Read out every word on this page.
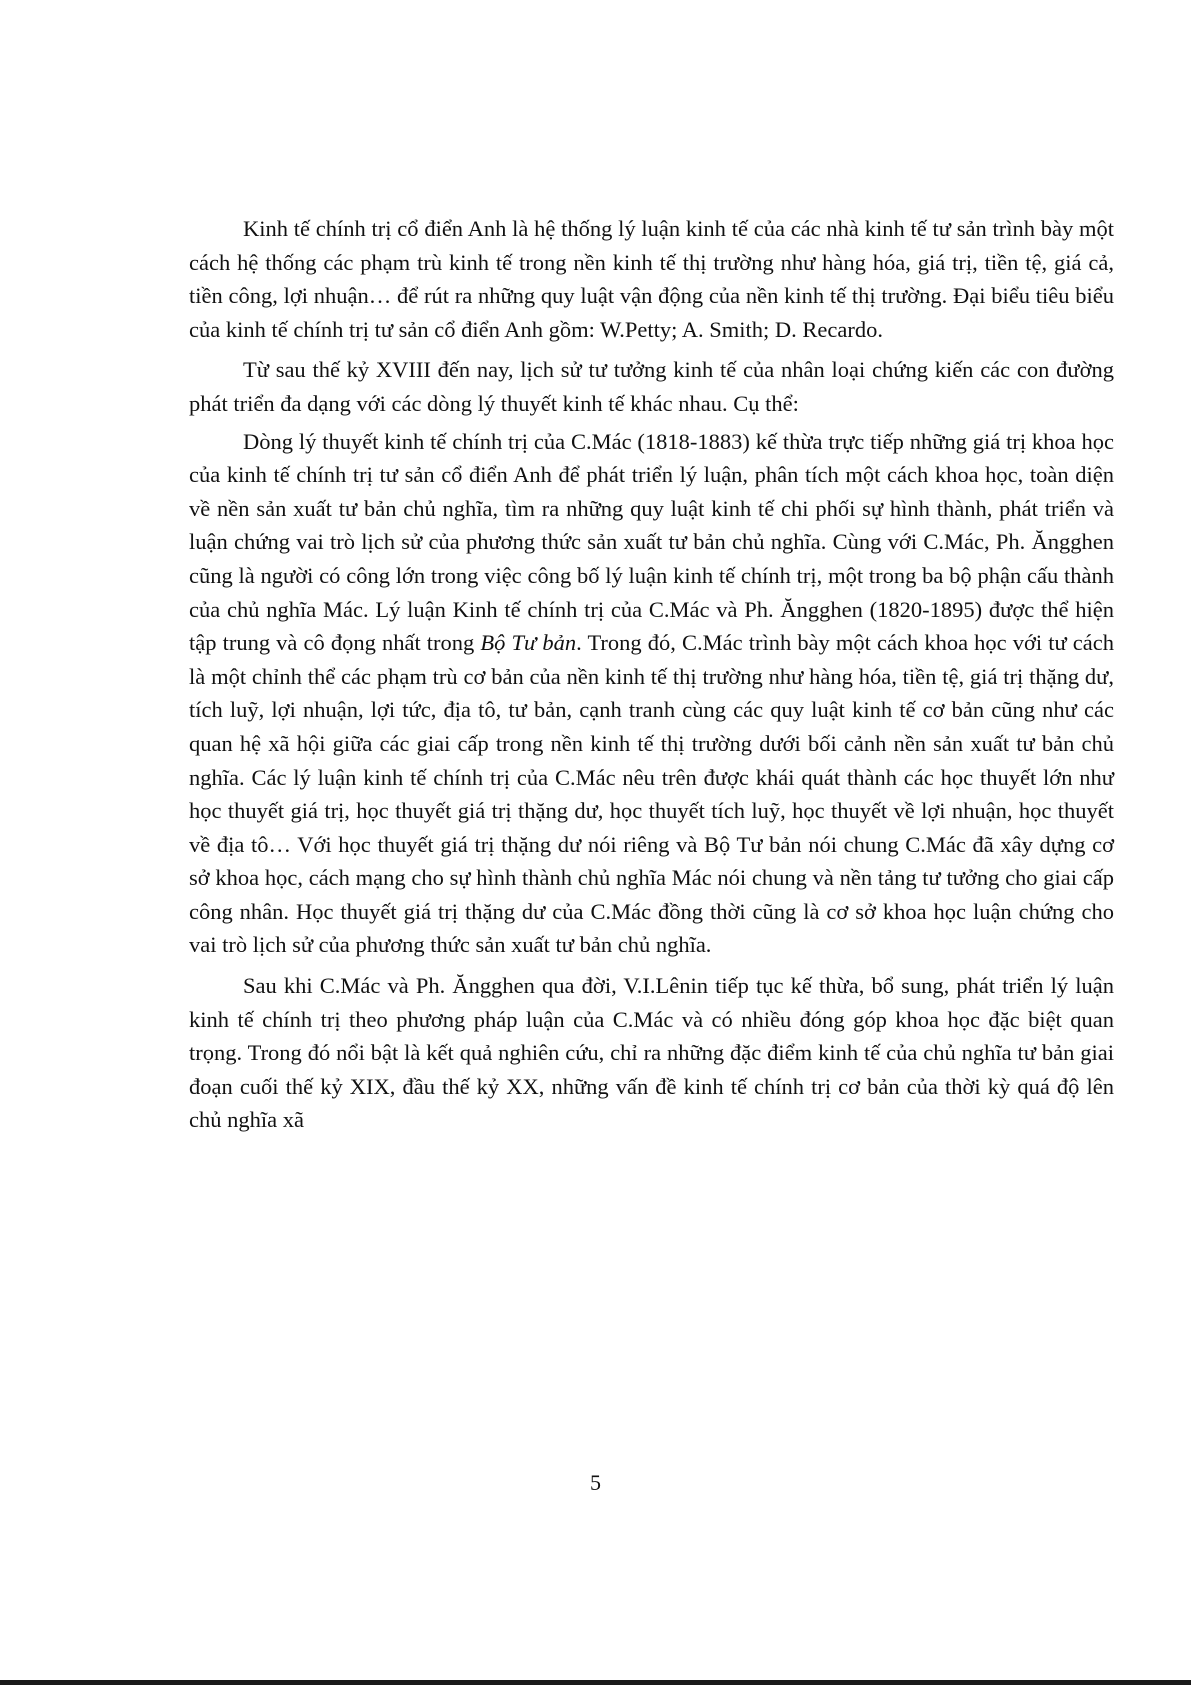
Kinh tế chính trị cổ điển Anh là hệ thống lý luận kinh tế của các nhà kinh tế tư sản trình bày một cách hệ thống các phạm trù kinh tế trong nền kinh tế thị trường như hàng hóa, giá trị, tiền tệ, giá cả, tiền công, lợi nhuận… để rút ra những quy luật vận động của nền kinh tế thị trường. Đại biểu tiêu biểu của kinh tế chính trị tư sản cổ điển Anh gồm: W.Petty; A. Smith; D. Recardo.

Từ sau thế kỷ XVIII đến nay, lịch sử tư tưởng kinh tế của nhân loại chứng kiến các con đường phát triển đa dạng với các dòng lý thuyết kinh tế khác nhau. Cụ thể:

Dòng lý thuyết kinh tế chính trị của C.Mác (1818-1883) kế thừa trực tiếp những giá trị khoa học của kinh tế chính trị tư sản cổ điển Anh để phát triển lý luận, phân tích một cách khoa học, toàn diện về nền sản xuất tư bản chủ nghĩa, tìm ra những quy luật kinh tế chi phối sự hình thành, phát triển và luận chứng vai trò lịch sử của phương thức sản xuất tư bản chủ nghĩa. Cùng với C.Mác, Ph. Ăngghen cũng là người có công lớn trong việc công bố lý luận kinh tế chính trị, một trong ba bộ phận cấu thành của chủ nghĩa Mác. Lý luận Kinh tế chính trị của C.Mác và Ph. Ăngghen (1820-1895) được thể hiện tập trung và cô đọng nhất trong Bộ Tư bản. Trong đó, C.Mác trình bày một cách khoa học với tư cách là một chỉnh thể các phạm trù cơ bản của nền kinh tế thị trường như hàng hóa, tiền tệ, giá trị thặng dư, tích luỹ, lợi nhuận, lợi tức, địa tô, tư bản, cạnh tranh cùng các quy luật kinh tế cơ bản cũng như các quan hệ xã hội giữa các giai cấp trong nền kinh tế thị trường dưới bối cảnh nền sản xuất tư bản chủ nghĩa. Các lý luận kinh tế chính trị của C.Mác nêu trên được khái quát thành các học thuyết lớn như học thuyết giá trị, học thuyết giá trị thặng dư, học thuyết tích luỹ, học thuyết về lợi nhuận, học thuyết về địa tô… Với học thuyết giá trị thặng dư nói riêng và Bộ Tư bản nói chung C.Mác đã xây dựng cơ sở khoa học, cách mạng cho sự hình thành chủ nghĩa Mác nói chung và nền tảng tư tưởng cho giai cấp công nhân. Học thuyết giá trị thặng dư của C.Mác đồng thời cũng là cơ sở khoa học luận chứng cho vai trò lịch sử của phương thức sản xuất tư bản chủ nghĩa.

Sau khi C.Mác và Ph. Ăngghen qua đời, V.I.Lênin tiếp tục kế thừa, bổ sung, phát triển lý luận kinh tế chính trị theo phương pháp luận của C.Mác và có nhiều đóng góp khoa học đặc biệt quan trọng. Trong đó nổi bật là kết quả nghiên cứu, chỉ ra những đặc điểm kinh tế của chủ nghĩa tư bản giai đoạn cuối thế kỷ XIX, đầu thế kỷ XX, những vấn đề kinh tế chính trị cơ bản của thời kỳ quá độ lên chủ nghĩa xã

5
